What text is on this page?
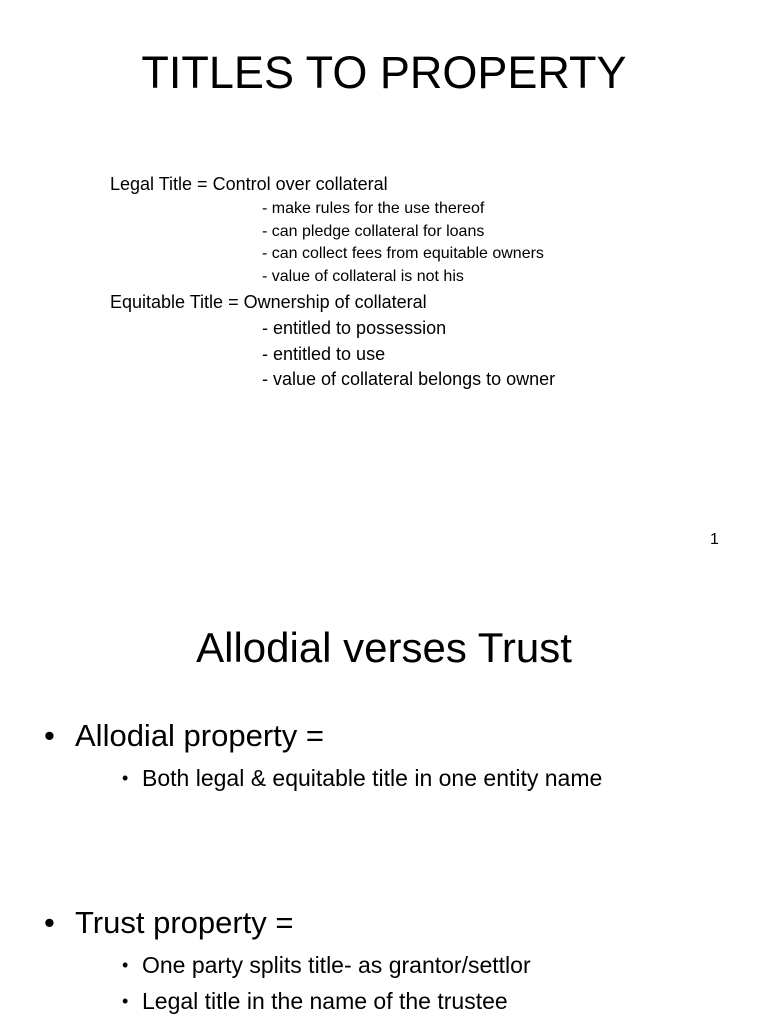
TITLES TO PROPERTY
Legal Title = Control over collateral
- make rules for the use thereof
- can pledge collateral for loans
- can collect fees from equitable owners
- value of collateral is not his
Equitable Title = Ownership of collateral
- entitled to possession
- entitled to use
- value of collateral belongs to owner
1
Allodial verses Trust
• Allodial property =
• Both legal & equitable title in one entity name
• Trust property =
• One party splits title- as grantor/settlor
• Legal title in the name of the trustee
